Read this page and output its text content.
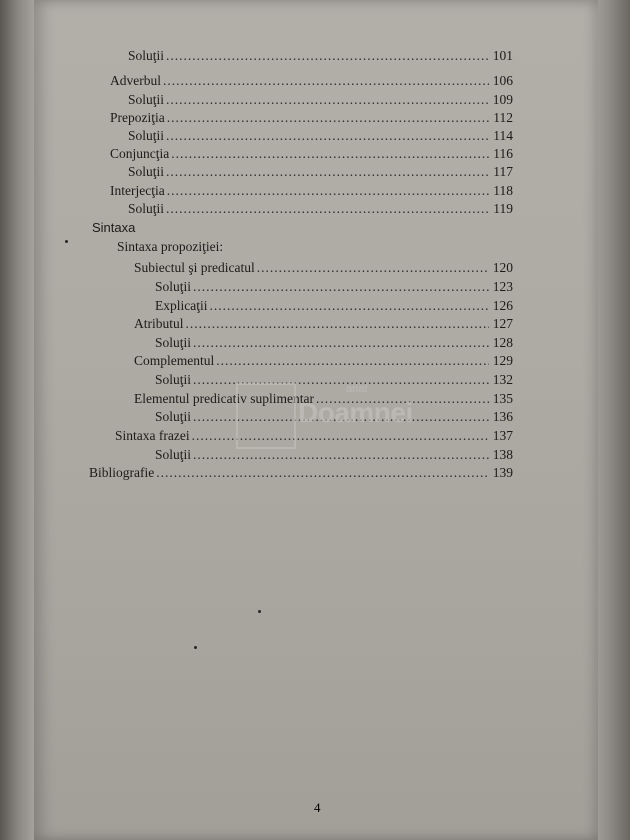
Soluţii .....	101
Adverbul .....	106
Soluţii .....	109
Prepoziţia .....	112
Soluţii .....	114
Conjuncţia .....	116
Soluţii .....	117
Interjecţia .....	118
Soluţii .....	119
Sintaxa
Sintaxa propoziţiei:
Subiectul şi predicatul .....	120
Soluţii .....	123
Explicaţii .....	126
Atributul .....	127
Soluţii .....	128
Complementul .....	129
Soluţii .....	132
Elementul predicativ suplimentar .....	135
Soluţii .....	136
Sintaxa frazei .....	137
Soluţii .....	138
Bibliografie .....	139
ariat
Doamnei
4
